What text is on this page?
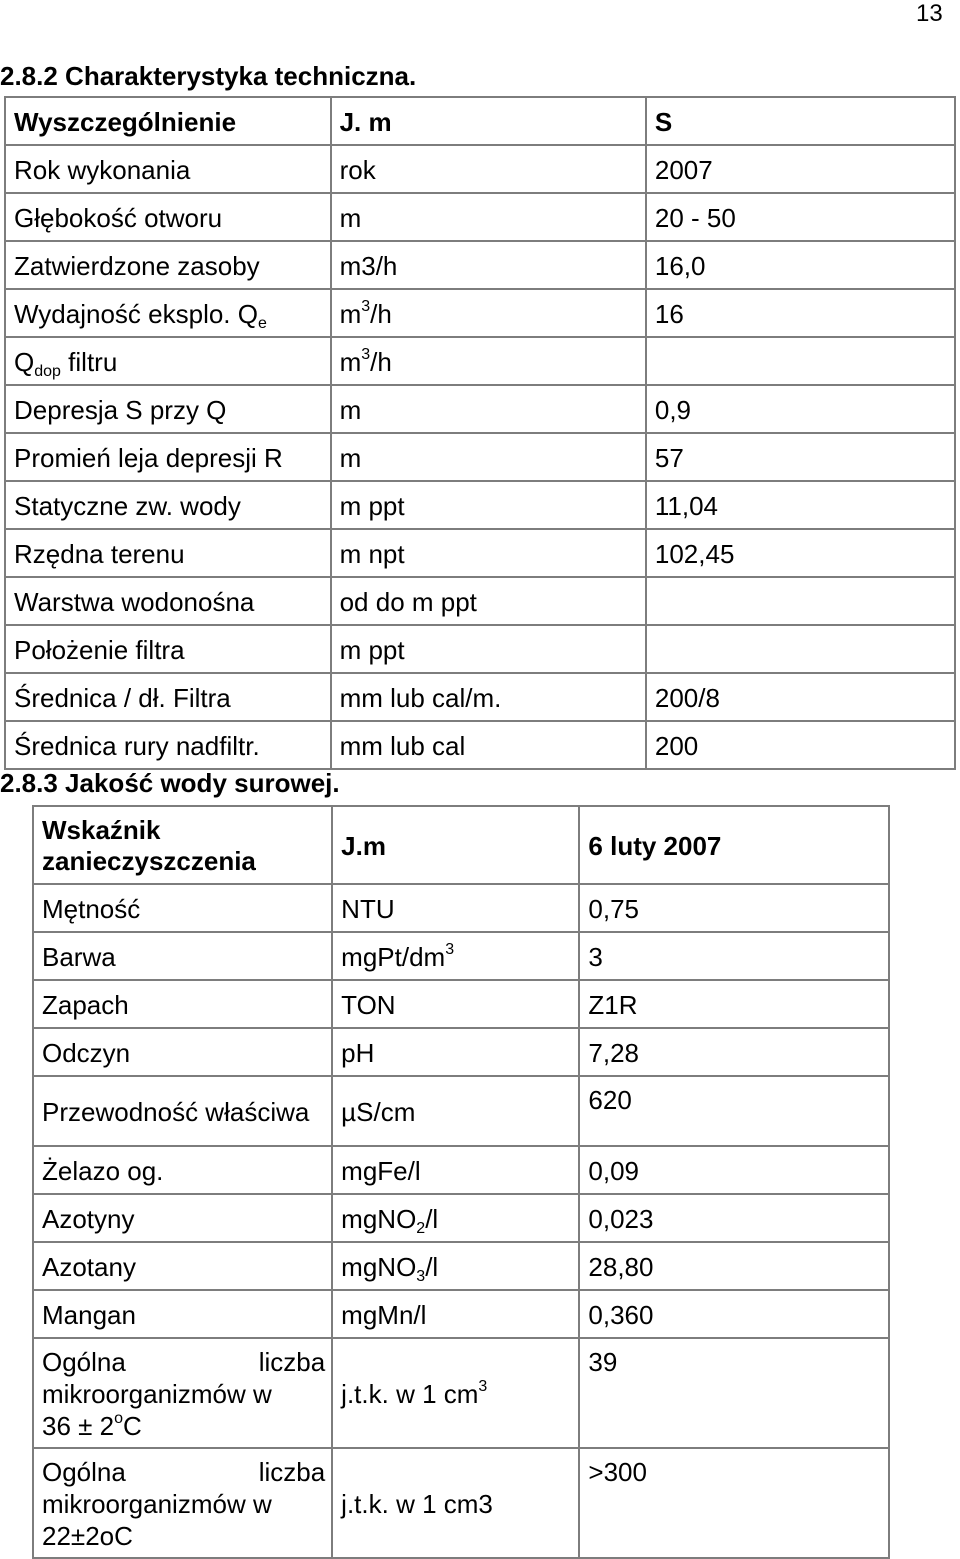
13
2.8.2 Charakterystyka techniczna.
Wyszczególnienie	J. m	S
Rok wykonania	rok	2007
Głębokość otworu	m	20 - 50
Zatwierdzone zasoby	m3/h	16,0
Wydajność eksplo. $Q_e$	$m^3/h$	16
$Q_{dop}$ filtru	$m^3/h$	
Depresja S przy Q	m	0,9
Promień leja depresji R	m	57
Statyczne zw. wody	m ppt	11,04
Rzędna terenu	m npt	102,45
Warstwa wodonośna	od do m ppt	
Położenie filtra	m ppt	
Średnica / dł. Filtra	mm lub cal/m.	200/8
Średnica rury nadfiltr.	mm lub cal	200
2.8.3 Jakość wody surowej.
Wskaźnik zanieczyszczenia	J.m	6 luty 2007
Mętność	NTU	0,75
Barwa	mgPt/$dm^3$	3
Zapach	TON	Z1R
Odczyn	pH	7,28
Przewodność właściwa	µS/cm	620
Żelazo og.	mgFe/l	0,09
Azotyny	mgNO$_2$/l	0,023
Azotany	mgNO$_3$/l	28,80
Mangan	mgMn/l	0,360
Ogólna liczba mikroorganizmów w
$36 \pm 2^oC$	j.t.k. w 1 $cm^3$	39
Ogólna liczba mikroorganizmów w
22±2oC	j.t.k. w 1 cm3	>300
